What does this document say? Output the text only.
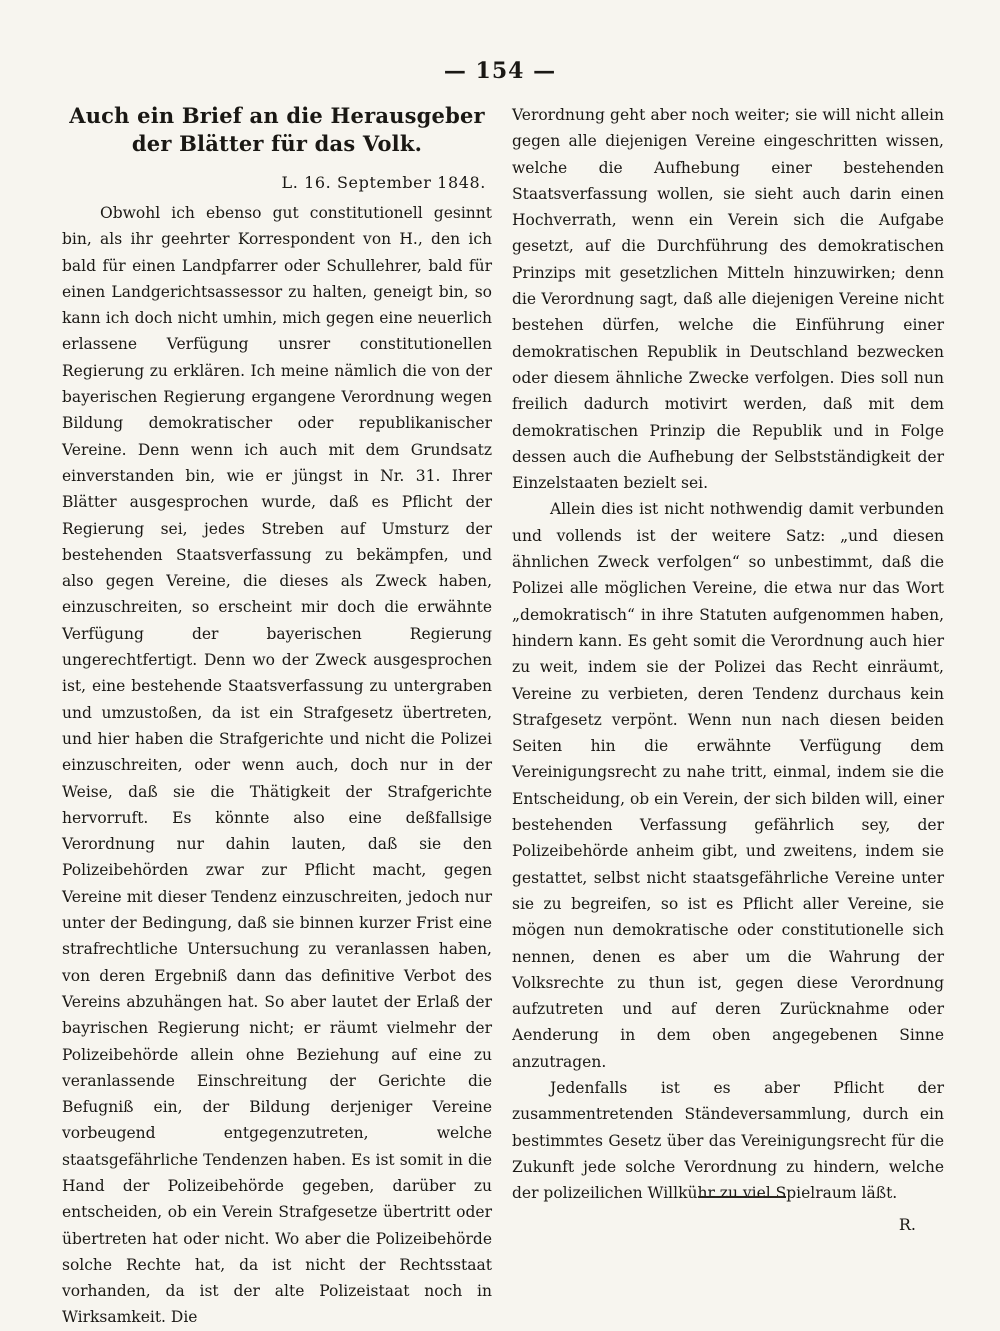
— 154 —
Auch ein Brief an die Herausgeber der Blätter für das Volk.
L. 16. September 1848.

Obwohl ich ebenso gut constitutionell gesinnt bin, als ihr geehrter Korrespondent von H., den ich bald für einen Landpfarrer oder Schullehrer, bald für einen Landgerichtsassessor zu halten, geneigt bin, so kann ich doch nicht umhin, mich gegen eine neuerlich erlassene Verfügung unsrer constitutionellen Regierung zu erklären. Ich meine nämlich die von der bayerischen Regierung ergangene Verordnung wegen Bildung demokratischer oder republikanischer Vereine. Denn wenn ich auch mit dem Grundsatz einverstanden bin, wie er jüngst in Nr. 31. Ihrer Blätter ausgesprochen wurde, daß es Pflicht der Regierung sei, jedes Streben auf Umsturz der bestehenden Staatsverfassung zu bekämpfen, und also gegen Vereine, die dieses als Zweck haben, einzuschreiten, so erscheint mir doch die erwähnte Verfügung der bayerischen Regierung ungerechtfertigt. Denn wo der Zweck ausgesprochen ist, eine bestehende Staatsverfassung zu untergraben und umzustoßen, da ist ein Strafgesetz übertreten, und hier haben die Strafgerichte und nicht die Polizei einzuschreiten, oder wenn auch, doch nur in der Weise, daß sie die Thätigkeit der Strafgerichte hervorruft. Es könnte also eine deßfallsige Verordnung nur dahin lauten, daß sie den Polizeibehörden zwar zur Pflicht macht, gegen Vereine mit dieser Tendenz einzuschreiten, jedoch nur unter der Bedingung, daß sie binnen kurzer Frist eine strafrechtliche Untersuchung zu veranlassen haben, von deren Ergebniß dann das definitive Verbot des Vereins abzuhängen hat. So aber lautet der Erlaß der bayrischen Regierung nicht; er räumt vielmehr der Polizeibehörde allein ohne Beziehung auf eine zu veranlassende Einschreitung der Gerichte die Befugniß ein, der Bildung derjeniger Vereine vorbeugend entgegenzutreten, welche staatsgefährliche Tendenzen haben. Es ist somit in die Hand der Polizeibehörde gegeben, darüber zu entscheiden, ob ein Verein Strafgesetze übertritt oder übertreten hat oder nicht. Wo aber die Polizeibehörde solche Rechte hat, da ist nicht der Rechtsstaat vorhanden, da ist der alte Polizeistaat noch in Wirksamkeit. Die

Verordnung geht aber noch weiter; sie will nicht allein gegen alle diejenigen Vereine eingeschritten wissen, welche die Aufhebung einer bestehenden Staatsverfassung wollen, sie sieht auch darin einen Hochverrath, wenn ein Verein sich die Aufgabe gesetzt, auf die Durchführung des demokratischen Prinzips mit gesetzlichen Mitteln hinzuwirken; denn die Verordnung sagt, daß alle diejenigen Vereine nicht bestehen dürfen, welche die Einführung einer demokratischen Republik in Deutschland bezwecken oder diesem ähnliche Zwecke verfolgen. Dies soll nun freilich dadurch motivirt werden, daß mit dem demokratischen Prinzip die Republik und in Folge dessen auch die Aufhebung der Selbstständigkeit der Einzelstaaten bezielt sei.

Allein dies ist nicht nothwendig damit verbunden und vollends ist der weitere Satz: „und diesen ähnlichen Zweck verfolgen“ so unbestimmt, daß die Polizei alle möglichen Vereine, die etwa nur das Wort „demokratisch“ in ihre Statuten aufgenommen haben, hindern kann. Es geht somit die Verordnung auch hier zu weit, indem sie der Polizei das Recht einräumt, Vereine zu verbieten, deren Tendenz durchaus kein Strafgesetz verpönt. Wenn nun nach diesen beiden Seiten hin die erwähnte Verfügung dem Vereinigungsrecht zu nahe tritt, einmal, indem sie die Entscheidung, ob ein Verein, der sich bilden will, einer bestehenden Verfassung gefährlich sey, der Polizeibehörde anheim gibt, und zweitens, indem sie gestattet, selbst nicht staatsgefährliche Vereine unter sie zu begreifen, so ist es Pflicht aller Vereine, sie mögen nun demokratische oder constitutionelle sich nennen, denen es aber um die Wahrung der Volksrechte zu thun ist, gegen diese Verordnung aufzutreten und auf deren Zurücknahme oder Aenderung in dem oben angegebenen Sinne anzutragen.

Jedenfalls ist es aber Pflicht der zusammentretenden Ständeversammlung, durch ein bestimmtes Gesetz über das Vereinigungsrecht für die Zukunft jede solche Verordnung zu hindern, welche der polizeilichen Willkühr zu viel Spielraum läßt.

R.
